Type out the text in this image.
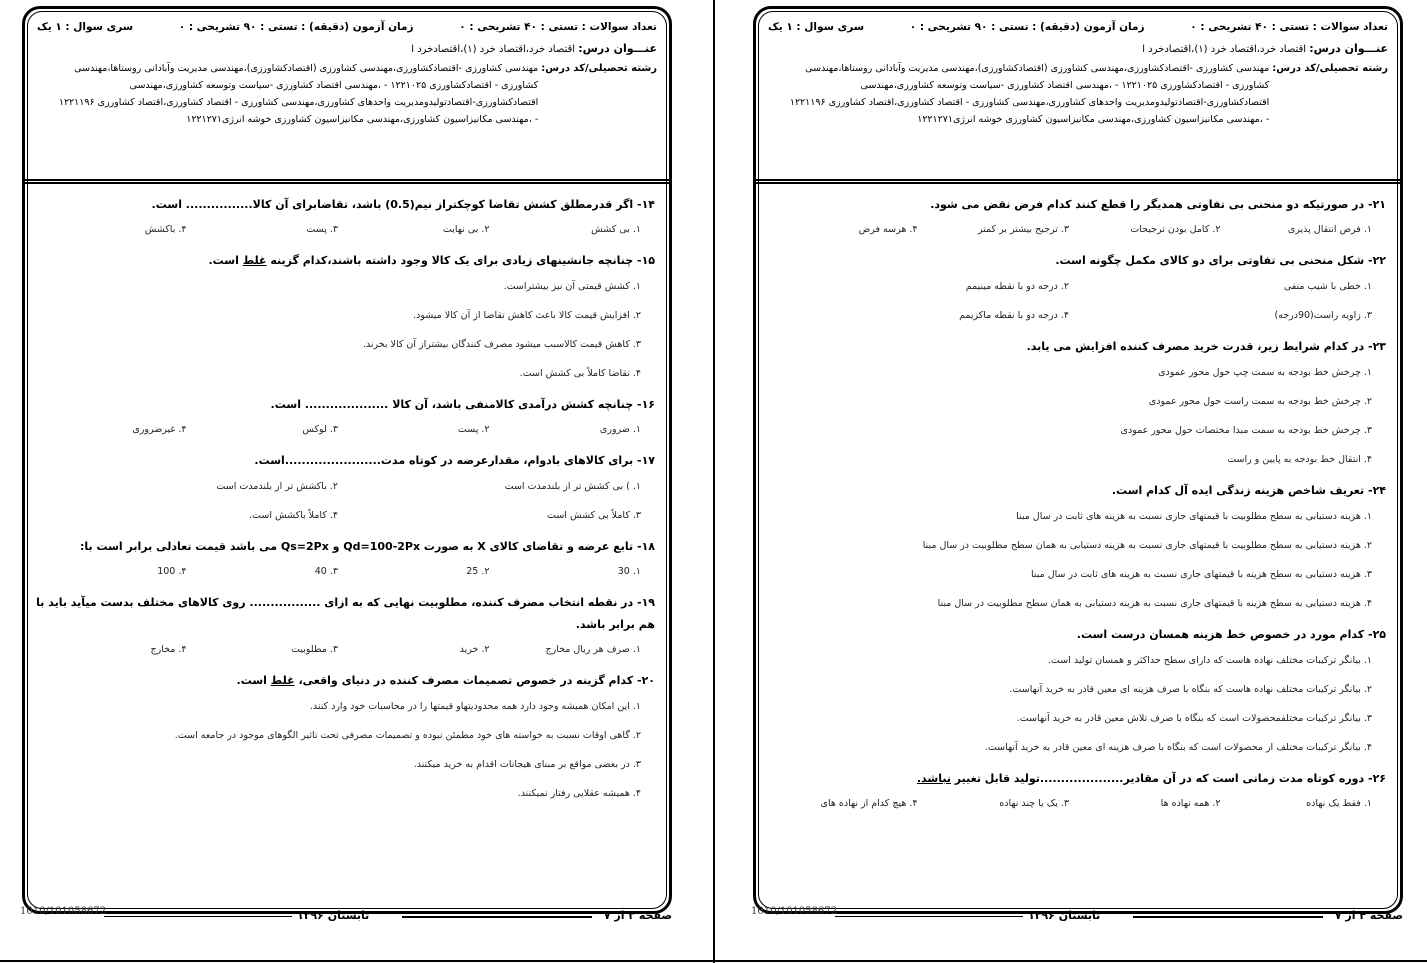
تعداد سوالات : تستی : ۴۰ تشریحی : ۰
زمان آزمون (دقیقه) : تستی : ۹۰ تشریحی : ۰
سری سوال : ۱ یک
عنـــوان درس: اقتصاد خرد،اقتصاد خرد (۱)،اقتصادخرد ا
رشته تحصیلی/کد درس:
مهندسی کشاورزی -اقتصادکشاورزی،مهندسی کشاورزی (اقتصادکشاورزی)،مهندسی مدیریت وآبادانی روستاها،مهندسی
کشاورزی - اقتصادکشاورزی ۱۲۲۱۰۲۵ - ،مهندسی اقتصاد کشاورزی -سیاست وتوسعه کشاورزی،مهندسی
اقتصادکشاورزی-اقتصادتولیدومدیریت واحدهای کشاورزی،مهندسی کشاورزی - اقتصاد کشاورزی،اقتصاد کشاورزی ۱۲۲۱۱۹۶
- ،مهندسی مکانیزاسیون کشاورزی،مهندسی مکانیزاسیون کشاورزی خوشه انرژی۱۲۲۱۲۷۱
۱۴- اگر قدرمطلق کشش تقاضا کوچکتراز نیم(0.5) باشد، تقاضابرای آن کالا................ است.
۱. بی کشش
۲. بی نهایت
۳. پست
۴. باکشش
۱۵- چنانچه جانشینهای زیادی برای یک کالا وجود داشته باشند،کدام گزینه غلط است.
۱. کشش قیمتی آن نیز بیشتراست.
۲. افزایش قیمت کالا باعث کاهش تقاضا از آن کالا میشود.
۳. کاهش قیمت کالاسبب میشود مصرف کنندگان بیشتراز آن کالا بخرند.
۴. تقاضا کاملاً بی کشش است.
۱۶- چنانچه کشش درآمدی کالامنفی باشد، آن کالا .................... است.
۱. ضروری
۲. پست
۳. لوکس
۴. غیرضروری
۱۷- برای کالاهای بادوام، مقدارعرضه در کوتاه مدت.......................است.
۱. ) بی کشش تر از بلندمدت است
۲. باکشش تر از بلندمدت است
۳. کاملاً بی کشش است
۴. کاملاً باکشش است.
۱۸- تابع عرضه و تقاضای کالای X به صورت Qd=100-2Px و Qs=2Px می باشد قیمت تعادلی برابر است با:
۱. 30
۲. 25
۳. 40
۴. 100
۱۹- در نقطه انتخاب مصرف کننده، مطلوبیت نهایی که به ازای ................. روی کالاهای مختلف بدست میآید باید با هم برابر باشد.
۱. صرف هر ریال مخارج
۲. خرید
۳. مطلوبیت
۴. مخارج
۲۰- کدام گزینه در خصوص تصمیمات مصرف کننده در دنیای واقعی، غلط است.
۱. این امکان همیشه وجود دارد همه محدودیتهاو قیمتها را در محاسبات خود وارد کنند.
۲. گاهی اوقات نسبت به خواسته های خود مطمئن نبوده و تصمیمات مصرفی تحت تاثیر الگوهای موجود در جامعه است.
۳. در بعضی مواقع بر مبنای هیجانات اقدام به خرید میکنند.
۴. همیشه عقلایی رفتار نمیکنند.
صفحه ۳ از ۷
تابستان ۱۳۹۶
1010/101058672
تعداد سوالات : تستی : ۴۰ تشریحی : ۰
زمان آزمون (دقیقه) : تستی : ۹۰ تشریحی : ۰
سری سوال : ۱ یک
عنـــوان درس: اقتصاد خرد،اقتصاد خرد (۱)،اقتصادخرد ا
رشته تحصیلی/کد درس:
مهندسی کشاورزی -اقتصادکشاورزی،مهندسی کشاورزی (اقتصادکشاورزی)،مهندسی مدیریت وآبادانی روستاها،مهندسی
کشاورزی - اقتصادکشاورزی ۱۲۲۱۰۲۵ - ،مهندسی اقتصاد کشاورزی -سیاست وتوسعه کشاورزی،مهندسی
اقتصادکشاورزی-اقتصادتولیدومدیریت واحدهای کشاورزی،مهندسی کشاورزی - اقتصاد کشاورزی،اقتصاد کشاورزی ۱۲۲۱۱۹۶
- ،مهندسی مکانیزاسیون کشاورزی،مهندسی مکانیزاسیون کشاورزی خوشه انرژی۱۲۲۱۲۷۱
۲۱- در صورتیکه دو منحنی بی تفاوتی همدیگر را قطع کنند کدام فرض نقض می شود.
۱. فرض انتقال پذیری
۲. کامل بودن ترجیحات
۳. ترجیح بیشتر بر کمتر
۴. هرسه فرض
۲۲- شکل منحنی بی تفاوتی برای دو کالای مکمل چگونه است.
۱. خطی با شیب منفی
۲. درجه دو با نقطه مینیمم
۳. زاویه راست(90درجه)
۴. درجه دو با نقطه ماکزیمم
۲۳- در کدام شرایط زیر، قدرت خرید مصرف کننده افزایش می یابد.
۱. چرخش خط بودجه به سمت چپ حول محور عمودی
۲. چرخش خط بودجه به سمت راست حول محور عمودی
۳. چرخش خط بودجه به سمت مبدا مختصات حول محور عمودی
۴. انتقال خط بودجه به پایین و راست
۲۴- تعریف شاخص هزینه زندگی ایده آل کدام است.
۱. هزینه دستیابی به سطح مطلوبیت با قیمتهای جاری نسبت به هزینه های ثابت در سال مبنا
۲. هزینه دستیابی به سطح مطلوبیت با قیمتهای جاری نسبت به هزینه دستیابی به همان سطح مطلوبیت در سال مبنا
۳. هزینه دستیابی به سطح هزینه با قیمتهای جاری نسبت به هزینه های ثابت در سال مبنا
۴. هزینه دستیابی به سطح هزینه با قیمتهای جاری نسبت به هزینه دستیابی به همان سطح مطلوبیت در سال مبنا
۲۵- کدام مورد در خصوص خط هزینه همسان درست است.
۱. بیانگر ترکیبات مختلف نهاده هاست که دارای سطح حداکثر و همسان تولید است.
۲. بیانگر ترکیبات مختلف نهاده هاست که بنگاه با صرف هزینه ای معین قادر به خرید آنهاست.
۳. بیانگر ترکیبات مختلفمحصولات است که بنگاه با صرف تلاش معین قادر به خرید آنهاست.
۴. بیانگر ترکیبات مختلف از محصولات است که بنگاه با صرف هزینه ای معین قادر به خرید آنهاست.
۲۶- دوره کوتاه مدت زمانی است که در آن مقادیر....................تولید قابل تغییر نباشد.
۱. فقط یک نهاده
۲. همه نهاده ها
۳. یک یا چند نهاده
۴. هیچ کدام از نهاده های
صفحه ۴ از ۷
تابستان ۱۳۹۶
1010/101058672
